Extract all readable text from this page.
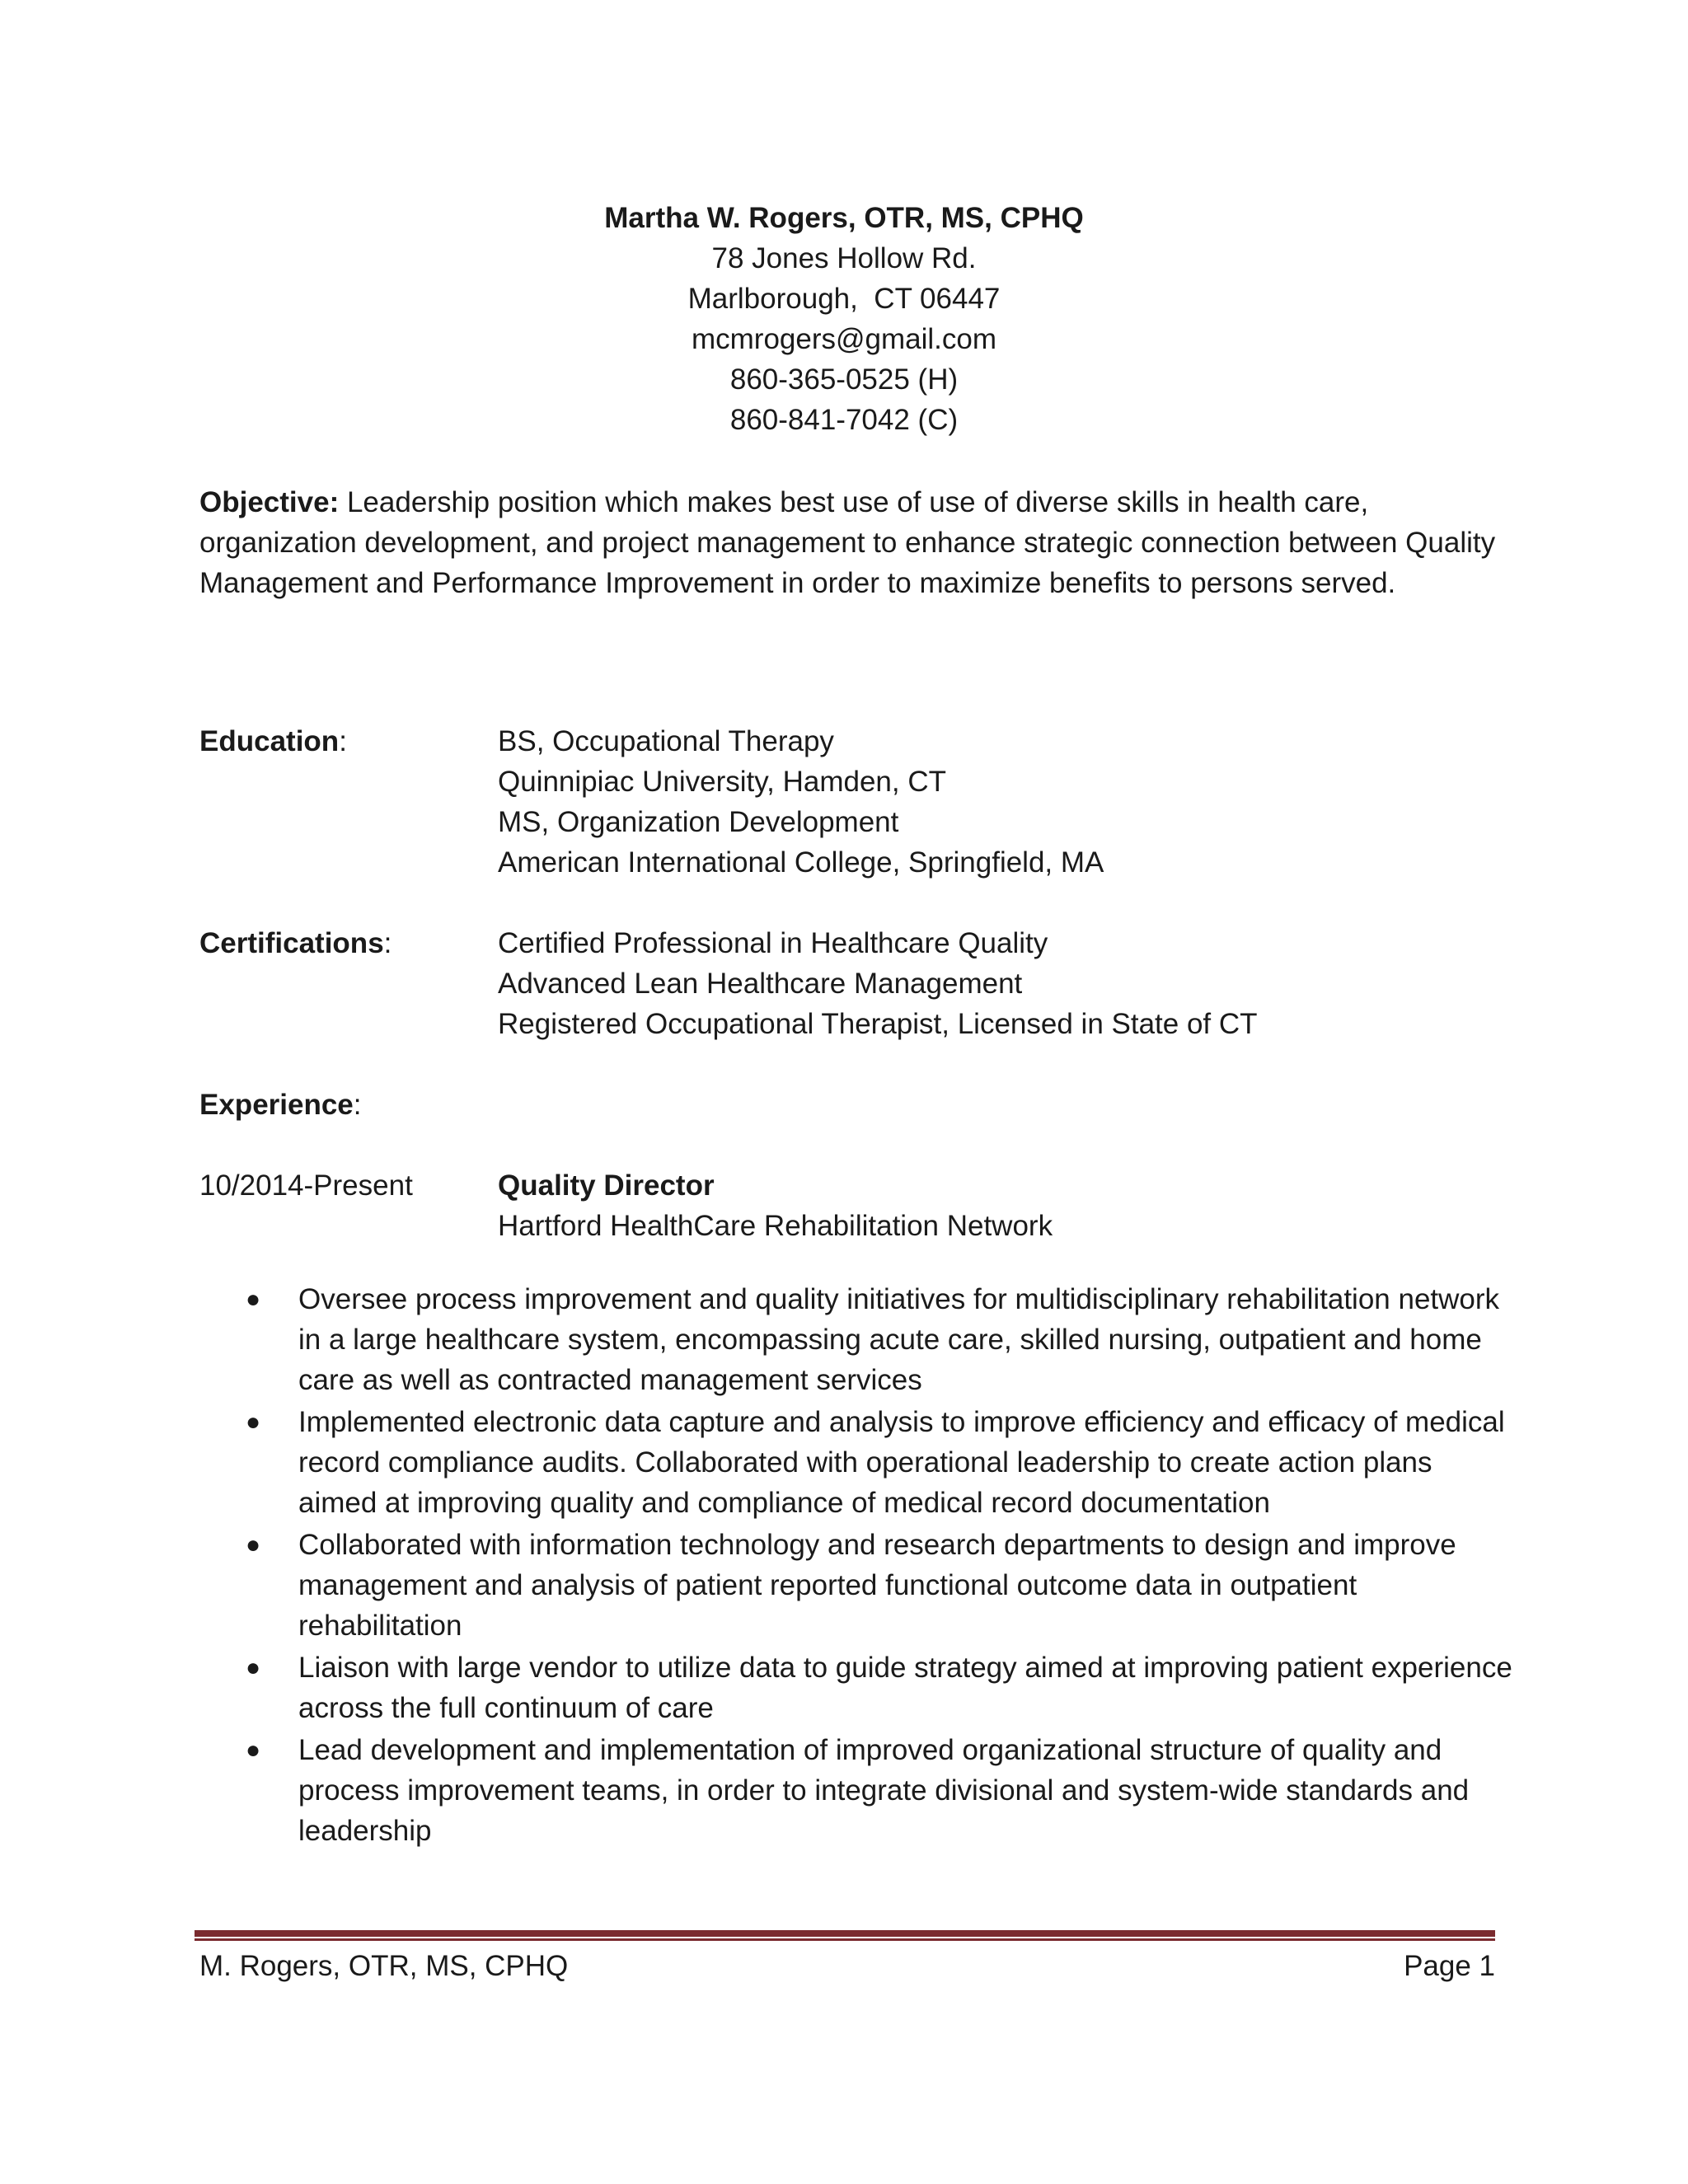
Martha W. Rogers, OTR, MS, CPHQ
78 Jones Hollow Rd.
Marlborough,  CT 06447
mcmrogers@gmail.com
860-365-0525 (H)
860-841-7042 (C)
Objective: Leadership position which makes best use of use of diverse skills in health care, organization development, and project management to enhance strategic connection between Quality Management and Performance Improvement in order to maximize benefits to persons served.
Education:	BS, Occupational Therapy
Quinnipiac University, Hamden, CT
MS, Organization Development
American International College, Springfield, MA
Certifications:	Certified Professional in Healthcare Quality
Advanced Lean Healthcare Management
Registered Occupational Therapist, Licensed in State of CT
Experience:
10/2014-Present	Quality Director
Hartford HealthCare Rehabilitation Network
● Oversee process improvement and quality initiatives for multidisciplinary rehabilitation network in a large healthcare system, encompassing acute care, skilled nursing, outpatient and home care as well as contracted management services
● Implemented electronic data capture and analysis to improve efficiency and efficacy of medical record compliance audits. Collaborated with operational leadership to create action plans aimed at improving quality and compliance of medical record documentation
● Collaborated with information technology and research departments to design and improve management and analysis of patient reported functional outcome data in outpatient rehabilitation
● Liaison with large vendor to utilize data to guide strategy aimed at improving patient experience across the full continuum of care
● Lead development and implementation of improved organizational structure of quality and process improvement teams, in order to integrate divisional and system-wide standards and leadership
M. Rogers, OTR, MS, CPHQ	Page 1
